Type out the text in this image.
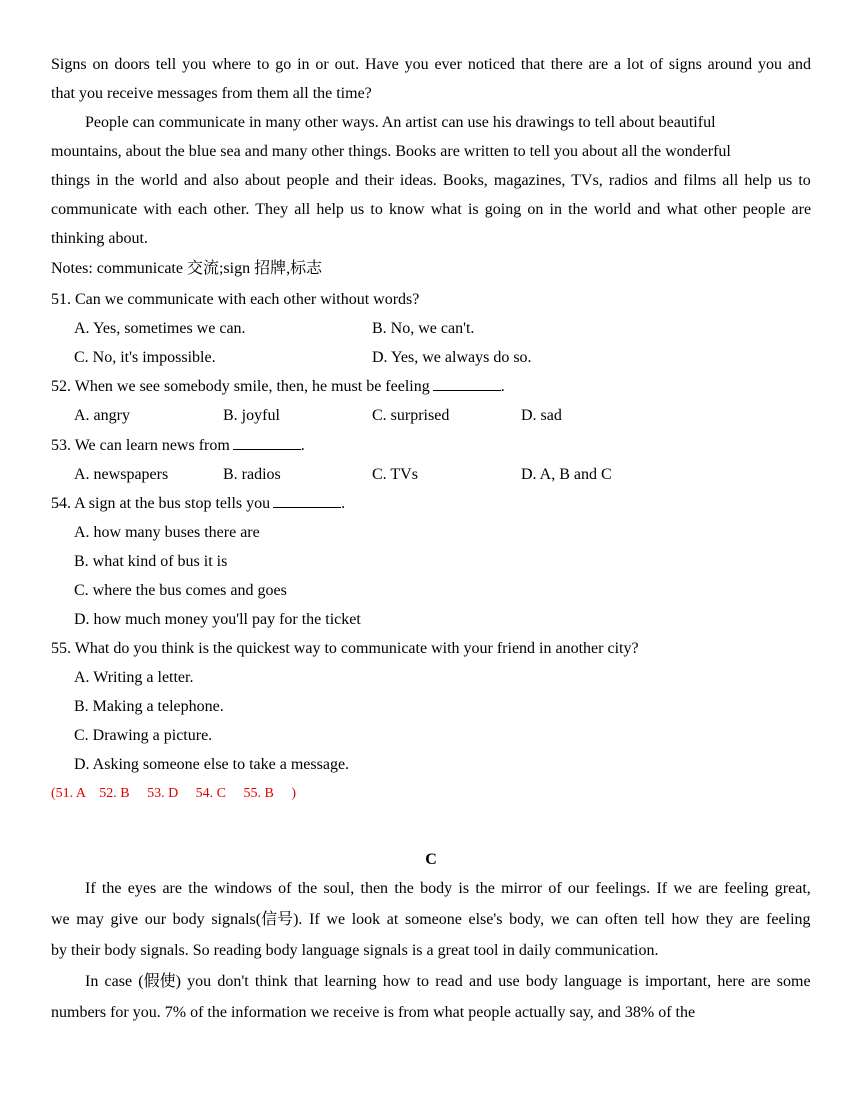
Signs on doors tell you where to go in or out. Have you ever noticed that there are a lot of signs around you and
that you receive messages from them all the time?
People can communicate in many other ways. An artist can use his drawings to tell about beautiful
mountains, about the blue sea and many other things. Books are written to tell you about all the wonderful
things in the world and also about people and their ideas. Books, magazines, TVs, radios and films all help us to
communicate with each other. They all help us to know what is going on in the world and what other people are
thinking about.
Notes: communicate 交流;sign 招牌,标志
51. Can we communicate with each other without words?
A. Yes, sometimes we can.	B. No, we can't.
C. No, it's impossible.	D. Yes, we always do so.
52. When we see somebody smile, then, he must be feeling	.
A. angry	B. joyful	C. surprised	D. sad
53. We can learn news from	.
A. newspapers	B. radios	C. TVs	D. A, B and C
54. A sign at the bus stop tells you	.
A. how many buses there are
B. what kind of bus it is
C. where the bus comes and goes
D. how much money you'll pay for the ticket
55. What do you think is the quickest way to communicate with your friend in another city?
A. Writing a letter.
B. Making a telephone.
C. Drawing a picture.
D. Asking someone else to take a message.
(51. A    52. B     53. D     54. C     55. B     )
C
If the eyes are the windows of the soul, then the body is the mirror of our feelings. If we are feeling great,
we may give our body signals(信号). If we look at someone else's body, we can often tell how they are feeling
by their body signals. So reading body language signals is a great tool in daily communication.
In case (假使) you don't think that learning how to read and use body language is important, here are some
numbers for you. 7% of the information we receive is from what people actually say, and 38% of the
